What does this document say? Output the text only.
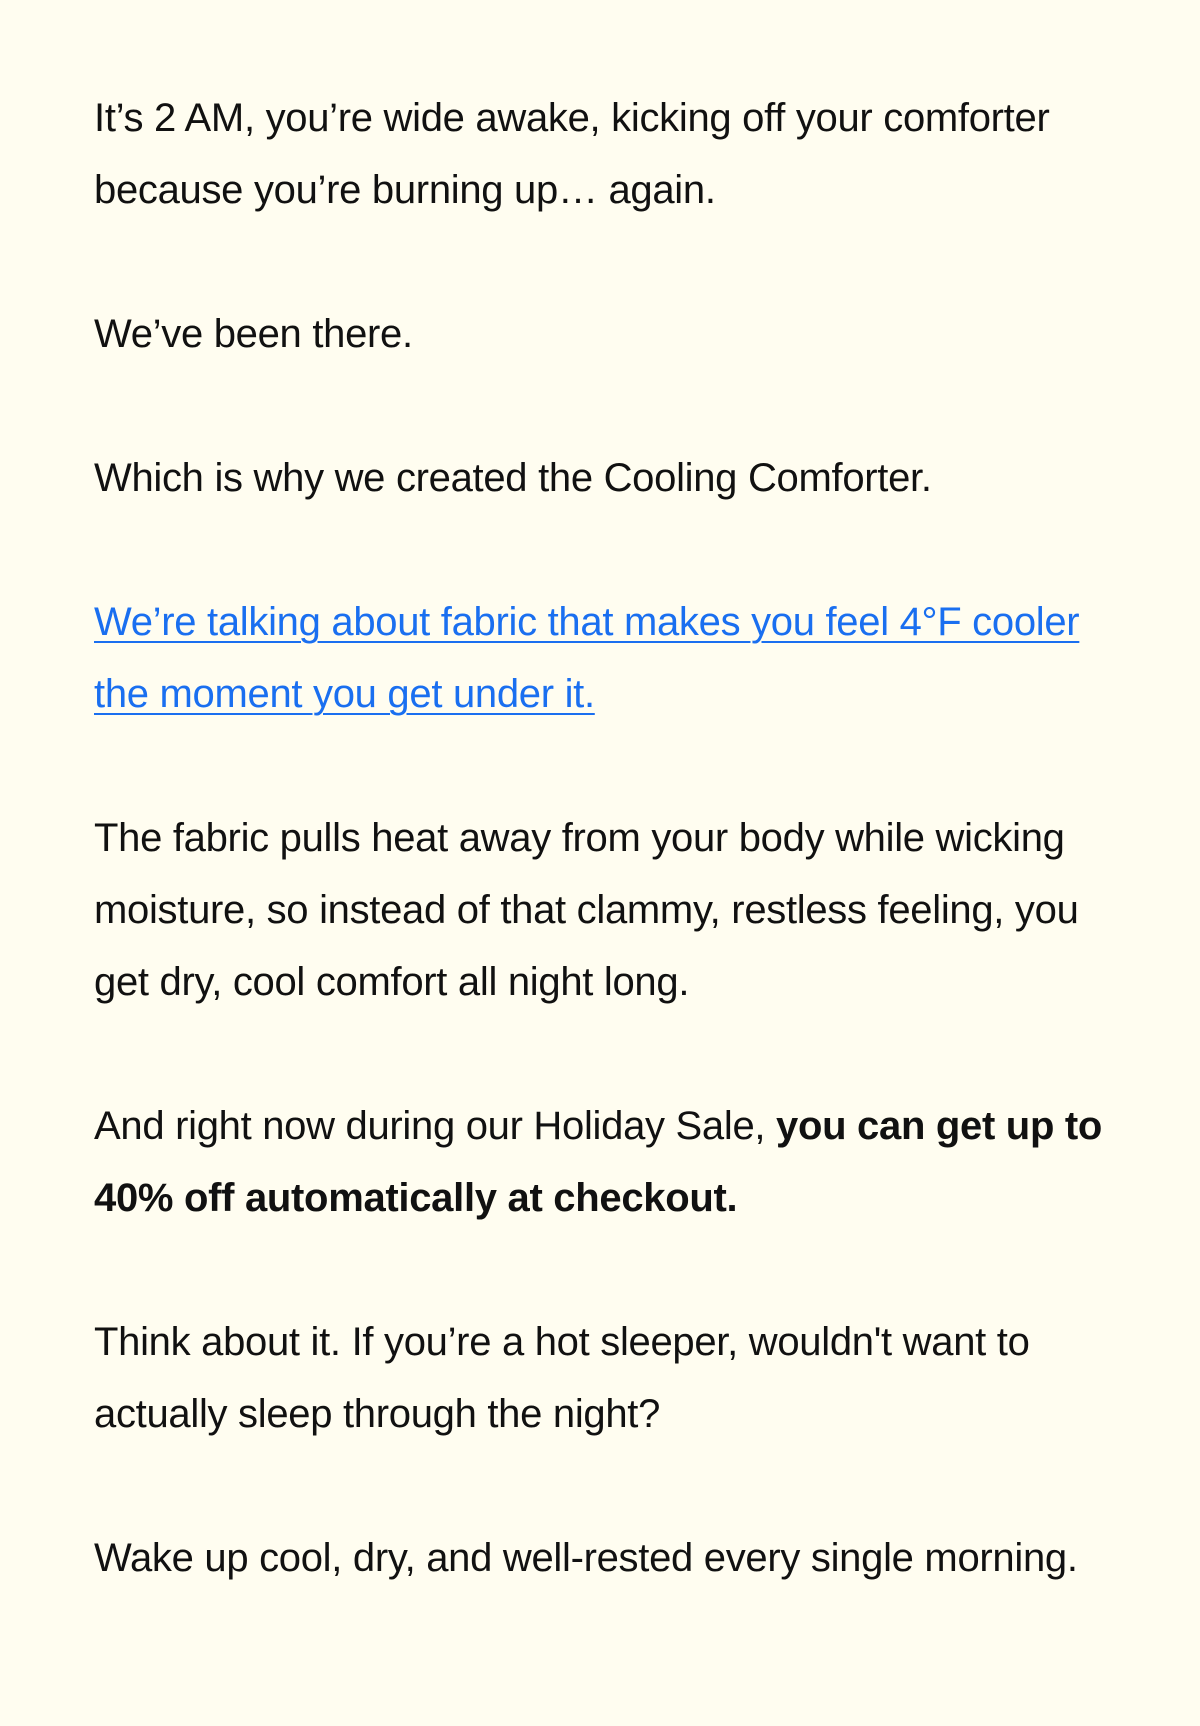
It’s 2 AM, you’re wide awake, kicking off your comforter because you’re burning up… again.

We’ve been there.

Which is why we created the Cooling Comforter.

We’re talking about fabric that makes you feel 4°F cooler the moment you get under it.

The fabric pulls heat away from your body while wicking moisture, so instead of that clammy, restless feeling, you get dry, cool comfort all night long.

And right now during our Holiday Sale, you can get up to 40% off automatically at checkout.

Think about it. If you’re a hot sleeper, wouldn't want to actually sleep through the night?

Wake up cool, dry, and well-rested every single morning.
